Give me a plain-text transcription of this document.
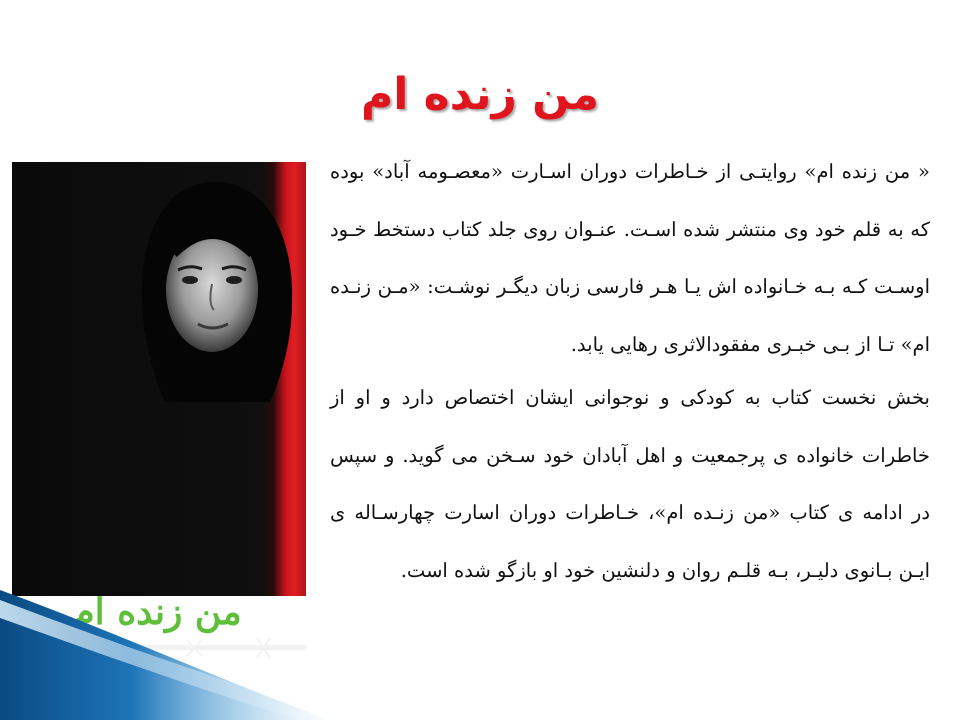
من زنده ام
من زنده ام

« من زنده ام» روایتـی از خـاطرات دوران اسـارت «معصـومه آباد» بوده که به قلم خود وی منتشر شده اسـت. عنـوان روی جلد کتاب دستخط خـود اوسـت کـه بـه خـانواده اش یـا هـر فارسی زبان دیگـر نوشـت: «مـن زنـده ام» تـا از بـی خبـری مفقودالاثری رهایی یابد.

بخش نخست کتاب به کودکی و نوجوانی ایشان اختصاص دارد و او از خاطرات خانواده ی پرجمعیت و اهل آبادان خود سـخن می گوید. و سپس در ادامه ی کتاب «من زنـده ام»، خـاطرات دوران اسارت چهارسـاله ی ایـن بـانوی دلیـر، بـه قلـم روان و دلنشین خود او بازگو شده است.
